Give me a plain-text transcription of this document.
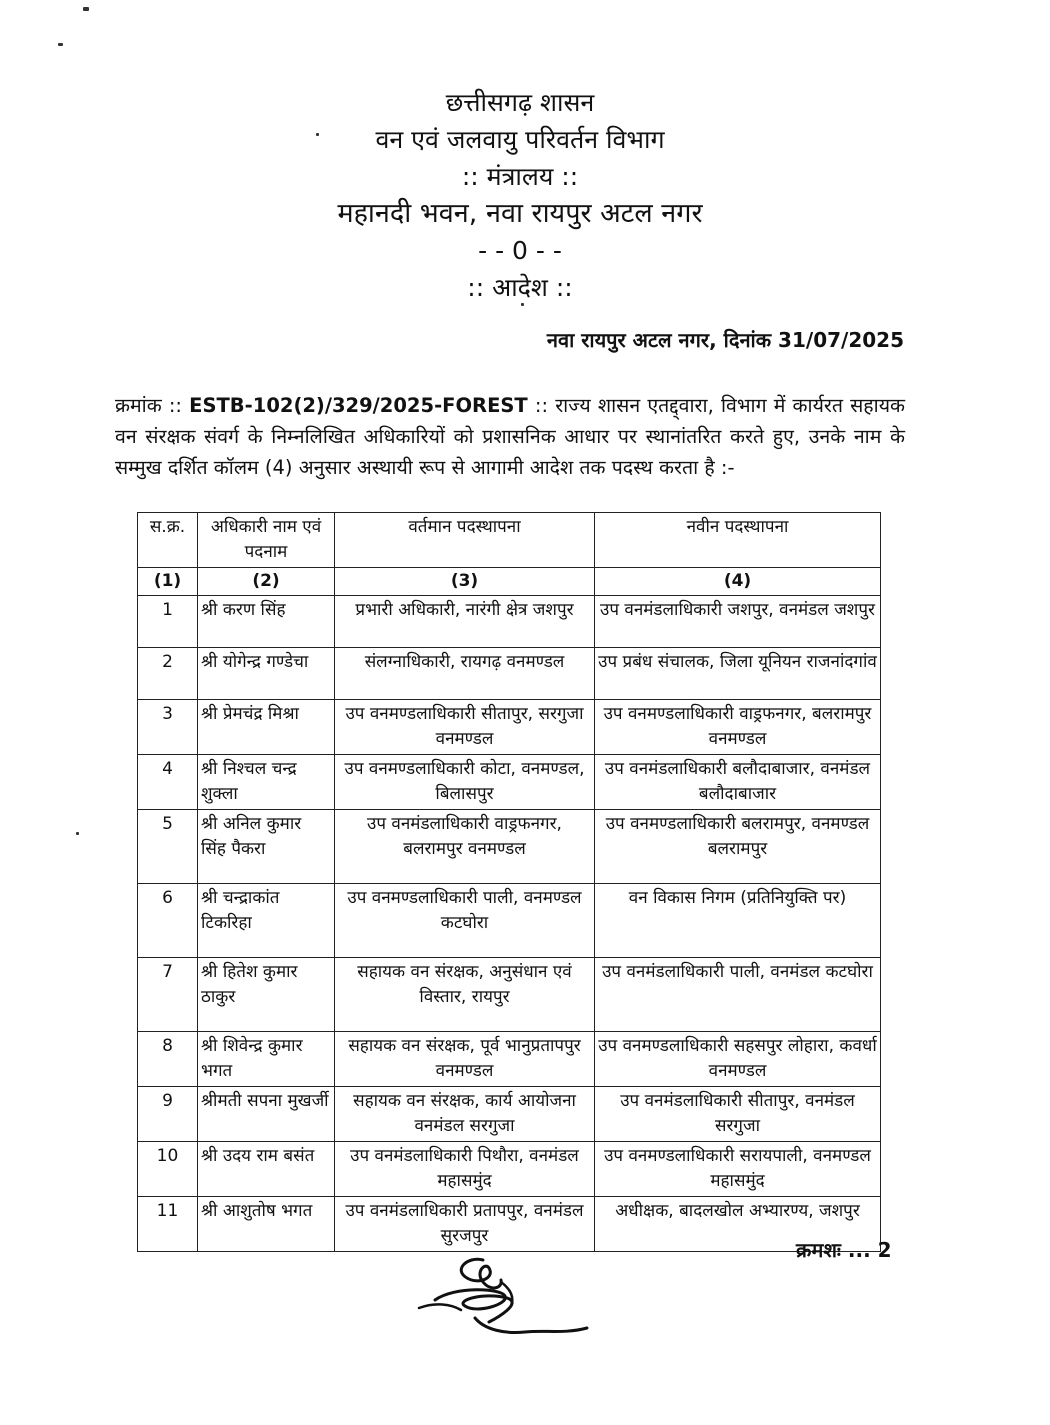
छत्तीसगढ़ शासन
वन एवं जलवायु परिवर्तन विभाग
:: मंत्रालय ::
महानदी भवन, नवा रायपुर अटल नगर
- - 0 - -
:: आदेश ::
नवा रायपुर अटल नगर, दिनांक 31/07/2025
क्रमांक :: ESTB-102(2)/329/2025-FOREST :: राज्य शासन एतद्द्वारा, विभाग में कार्यरत सहायक वन संरक्षक संवर्ग के निम्नलिखित अधिकारियों को प्रशासनिक आधार पर स्थानांतरित करते हुए, उनके नाम के सम्मुख दर्शित कॉलम (4) अनुसार अस्थायी रूप से आगामी आदेश तक पदस्थ करता है :-
स.क्र.	अधिकारी नाम एवं पदनाम	वर्तमान पदस्थापना	नवीन पदस्थापना
(1)	(2)	(3)	(4)
1	श्री करण सिंह	प्रभारी अधिकारी, नारंगी क्षेत्र जशपुर	उप वनमंडलाधिकारी जशपुर, वनमंडल जशपुर
2	श्री योगेन्द्र गण्डेचा	संलग्नाधिकारी, रायगढ़ वनमण्डल	उप प्रबंध संचालक, जिला यूनियन राजनांदगांव
3	श्री प्रेमचंद्र मिश्रा	उप वनमण्डलाधिकारी सीतापुर, सरगुजा वनमण्डल	उप वनमण्डलाधिकारी वाड्रफनगर, बलरामपुर वनमण्डल
4	श्री निश्चल चन्द्र शुक्ला	उप वनमण्डलाधिकारी कोटा, वनमण्डल, बिलासपुर	उप वनमंडलाधिकारी बलौदाबाजार, वनमंडल बलौदाबाजार
5	श्री अनिल कुमार सिंह पैकरा	उप वनमंडलाधिकारी वाड्रफनगर, बलरामपुर वनमण्डल	उप वनमण्डलाधिकारी बलरामपुर, वनमण्डल बलरामपुर
6	श्री चन्द्राकांत टिकरिहा	उप वनमण्डलाधिकारी पाली, वनमण्डल कटघोरा	वन विकास निगम (प्रतिनियुक्ति पर)
7	श्री हितेश कुमार ठाकुर	सहायक वन संरक्षक, अनुसंधान एवं विस्तार, रायपुर	उप वनमंडलाधिकारी पाली, वनमंडल कटघोरा
8	श्री शिवेन्द्र कुमार भगत	सहायक वन संरक्षक, पूर्व भानुप्रतापपुर वनमण्डल	उप वनमण्डलाधिकारी सहसपुर लोहारा, कवर्धा वनमण्डल
9	श्रीमती सपना मुखर्जी	सहायक वन संरक्षक, कार्य आयोजना वनमंडल सरगुजा	उप वनमंडलाधिकारी सीतापुर, वनमंडल सरगुजा
10	श्री उदय राम बसंत	उप वनमंडलाधिकारी पिथौरा, वनमंडल महासमुंद	उप वनमण्डलाधिकारी सरायपाली, वनमण्डल महासमुंद
11	श्री आशुतोष भगत	उप वनमंडलाधिकारी प्रतापपुर, वनमंडल सुरजपुर	अधीक्षक, बादलखोल अभ्यारण्य, जशपुर
क्रमशः ... 2
